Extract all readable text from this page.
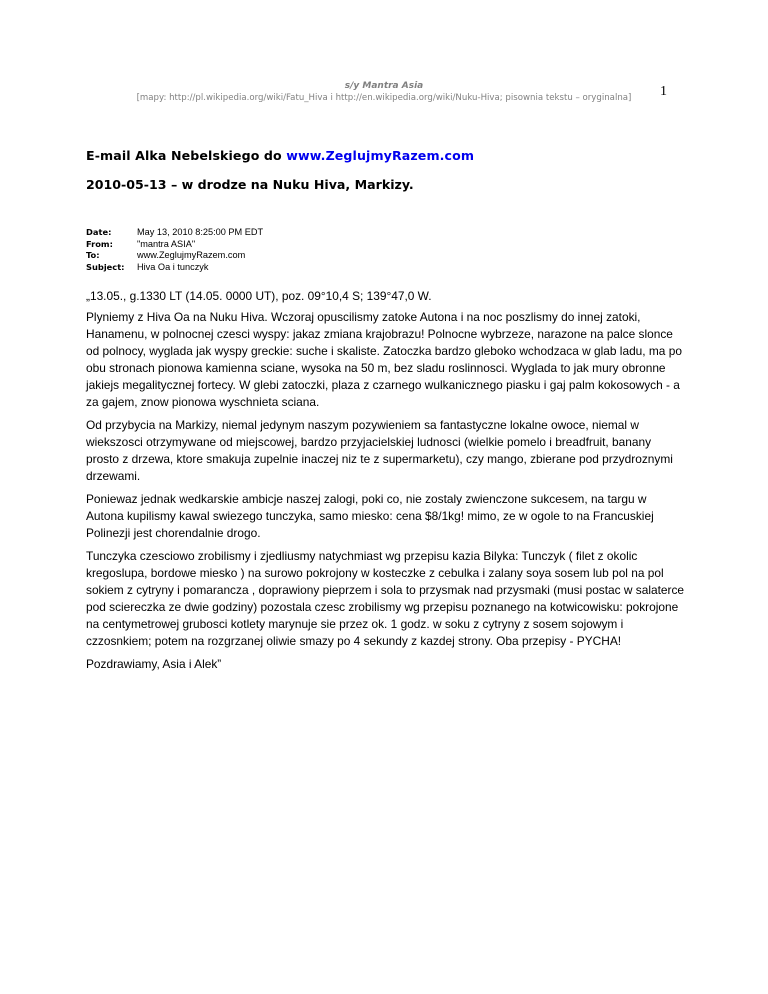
1
s/y Mantra Asia
[mapy: http://pl.wikipedia.org/wiki/Fatu_Hiva i http://en.wikipedia.org/wiki/Nuku-Hiva; pisownia tekstu – oryginalna]
E-mail Alka Nebelskiego do www.ZeglujmyRazem.com
2010-05-13 – w drodze na Nuku Hiva, Markizy.
Date:	May 13, 2010 8:25:00 PM EDT
From:	"mantra ASIA"
To:	www.ZeglujmyRazem.com
Subject:	Hiva Oa i tunczyk

„13.05., g.1330 LT (14.05. 0000 UT), poz. 09°10,4 S; 139°47,0 W.

Plyniemy z Hiva Oa na Nuku Hiva. Wczoraj opuscilismy zatoke Autona i na noc poszlismy do innej zatoki, Hanamenu, w polnocnej czesci wyspy: jakaz zmiana krajobrazu! Polnocne wybrzeze, narazone na palce slonce od polnocy, wyglada jak wyspy greckie: suche i skaliste. Zatoczka bardzo gleboko wchodzaca w glab ladu, ma po obu stronach pionowa kamienna sciane, wysoka na 50 m, bez sladu roslinnosci. Wyglada to jak mury obronne jakiejs megalitycznej fortecy. W glebi zatoczki, plaza z czarnego wulkanicznego piasku i gaj palm kokosowych - a za gajem, znow pionowa wyschnieta sciana.

Od przybycia na Markizy, niemal jedynym naszym pozywieniem sa fantastyczne lokalne owoce, niemal w wiekszosci otrzymywane od miejscowej, bardzo przyjacielskiej ludnosci (wielkie pomelo i breadfruit, banany prosto z drzewa, ktore smakuja zupelnie inaczej niz te z supermarketu), czy mango, zbierane pod przydroznymi drzewami.

Poniewaz jednak wedkarskie ambicje naszej zalogi, poki co, nie zostaly zwienczone sukcesem, na targu w Autona kupilismy kawal swiezego tunczyka, samo miesko: cena $8/1kg! mimo, ze w ogole to na Francuskiej Polinezji jest chorendalnie drogo.

Tunczyka czesciowo zrobilismy i zjedliusmy natychmiast wg przepisu kazia Bilyka: Tunczyk ( filet z okolic kregoslupa, bordowe miesko ) na surowo pokrojony w kosteczke z cebulka i zalany soya sosem lub pol na pol sokiem z cytryny i pomarancza , doprawiony pieprzem i sola to przysmak nad przysmaki (musi postac w salaterce pod sciereczka ze dwie godziny) pozostala czesc zrobilismy wg przepisu poznanego na kotwicowisku: pokrojone na centymetrowej grubosci kotlety marynuje sie przez ok. 1 godz. w soku z cytryny z sosem sojowym i czzosnkiem; potem na rozgrzanej oliwie smazy po 4 sekundy z kazdej strony. Oba przepisy - PYCHA!

Pozdrawiamy, Asia i Alek”
